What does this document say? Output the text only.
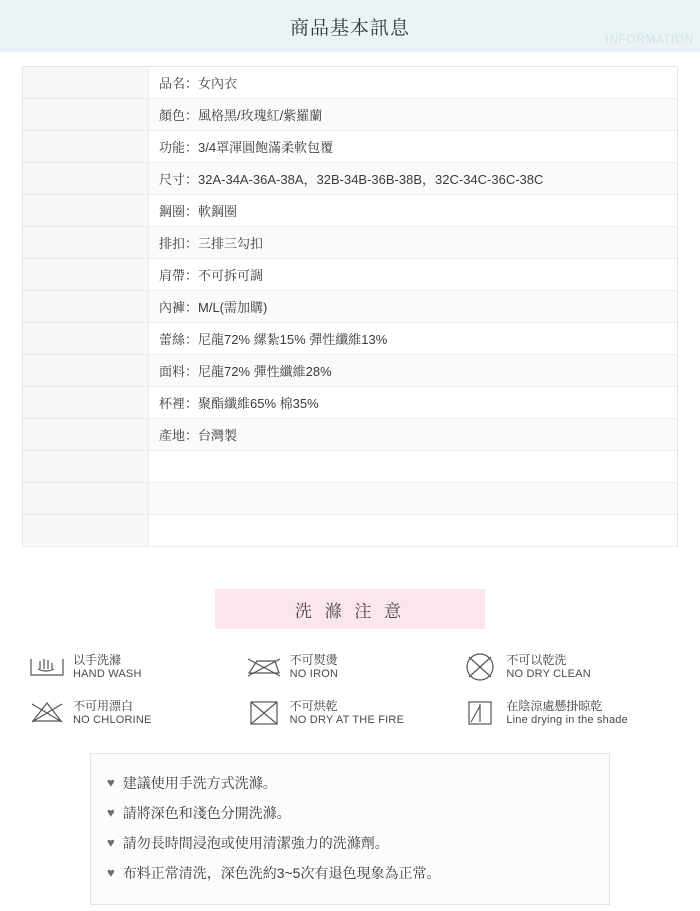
商品基本訊息
INFORMATION
品名：女內衣
顏色：風格黑/玫瑰紅/紫羅蘭
功能：3/4罩渾圓飽滿柔軟包覆
尺寸：32A-34A-36A-38A，32B-34B-36B-38B，32C-34C-36C-38C
鋼圈：軟鋼圈
排扣：三排三勾扣
肩帶：不可拆可調
內褲：M/L(需加購)
蕾絲：尼龍72% 縲紮15% 彈性纖維13%
面料：尼龍72% 彈性纖維28%
杯裡：聚酯纖維65% 棉35%
產地：台灣製
洗 滌 注 意
以手洗滌
HAND WASH
不可熨燙
NO IRON
不可以乾洗
NO DRY CLEAN
不可用漂白
NO CHLORINE
不可烘乾
NO DRY AT THE FIRE
在陰涼處懸掛晾乾
Line drying in the shade
♥ 建議使用手洗方式洗滌。
♥ 請將深色和淺色分開洗滌。
♥ 請勿長時間浸泡或使用清潔強力的洗滌劑。
♥ 布料正常清洗，深色洗約3~5次有退色現象為正常。
